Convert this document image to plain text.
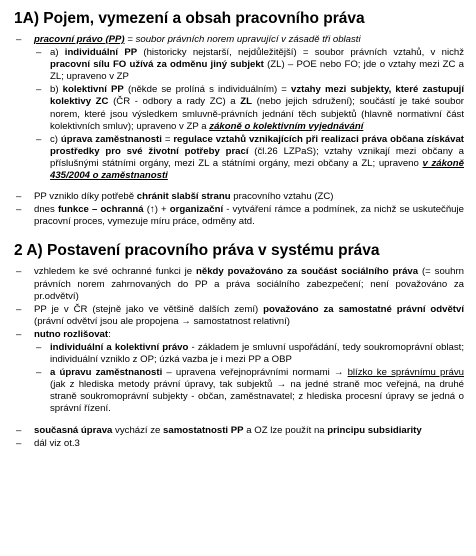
1A) Pojem, vymezení a obsah pracovního práva
– pracovní právo (PP) = soubor právních norem upravující v zásadě tři oblasti
– a) individuální PP (historicky nejstarší, nejdůležitější) = soubor právních vztahů, v nichž pracovní sílu FO užívá za odměnu jiný subjekt (ZL) – POE nebo FO; jde o vztahy mezi ZC a ZL; upraveno v ZP
– b) kolektivní PP (někde se prolíná s individuálním) = vztahy mezi subjekty, které zastupují kolektivy ZC (ČR - odbory a rady ZC) a ZL (nebo jejich sdružení); součástí je také soubor norem, které jsou výsledkem smluvně-právních jednání těch subjektů (hlavně normativní část kolektivních smluv); upraveno v ZP a zákoně o kolektivním vyjednávání
– c) úprava zaměstnanosti = regulace vztahů vznikajících při realizaci práva občana získávat prostředky pro své životní potřeby prací (čl.26 LZPaS); vztahy vznikají mezi občany a příslušnými státními orgány, mezi ZL a státními orgány, mezi občany a ZL; upraveno v zákoně 435/2004 o zaměstnanosti
– PP vzniklo díky potřebě chránit slabší stranu pracovního vztahu (ZC)
– dnes funkce – ochranná (↑) + organizační - vytváření rámce a podmínek, za nichž se uskutečňuje pracovní proces, vymezuje míru práce, odměny atd.
2 A) Postavení pracovního práva v systému práva
– vzhledem ke své ochranné funkci je někdy považováno za součást sociálního práva (= souhrn právních norem zahrnovaných do PP a práva sociálního zabezpečení; není považováno za pr.odvětví)
– PP je v ČR (stejně jako ve většině dalších zemí) považováno za samostatné právní odvětví (právní odvětví jsou ale propojena → samostatnost relativní)
– nutno rozlišovat:
– individuální a kolektivní právo - základem je smluvní uspořádání, tedy soukromoprávní oblast; individuální vzniklo z OP; úzká vazba je i mezi PP a OBP
– a úpravu zaměstnanosti – upravena veřejnoprávními normami → blízko ke správnímu právu (jak z hlediska metody právní úpravy, tak subjektů → na jedné straně moc veřejná, na druhé straně soukromoprávní subjekty - občan, zaměstnavatel; z hlediska procesní úpravy se jedná o správní řízení.
– současná úprava vychází ze samostatnosti PP a OZ lze použít na principu subsidiarity
– dál viz ot.3
